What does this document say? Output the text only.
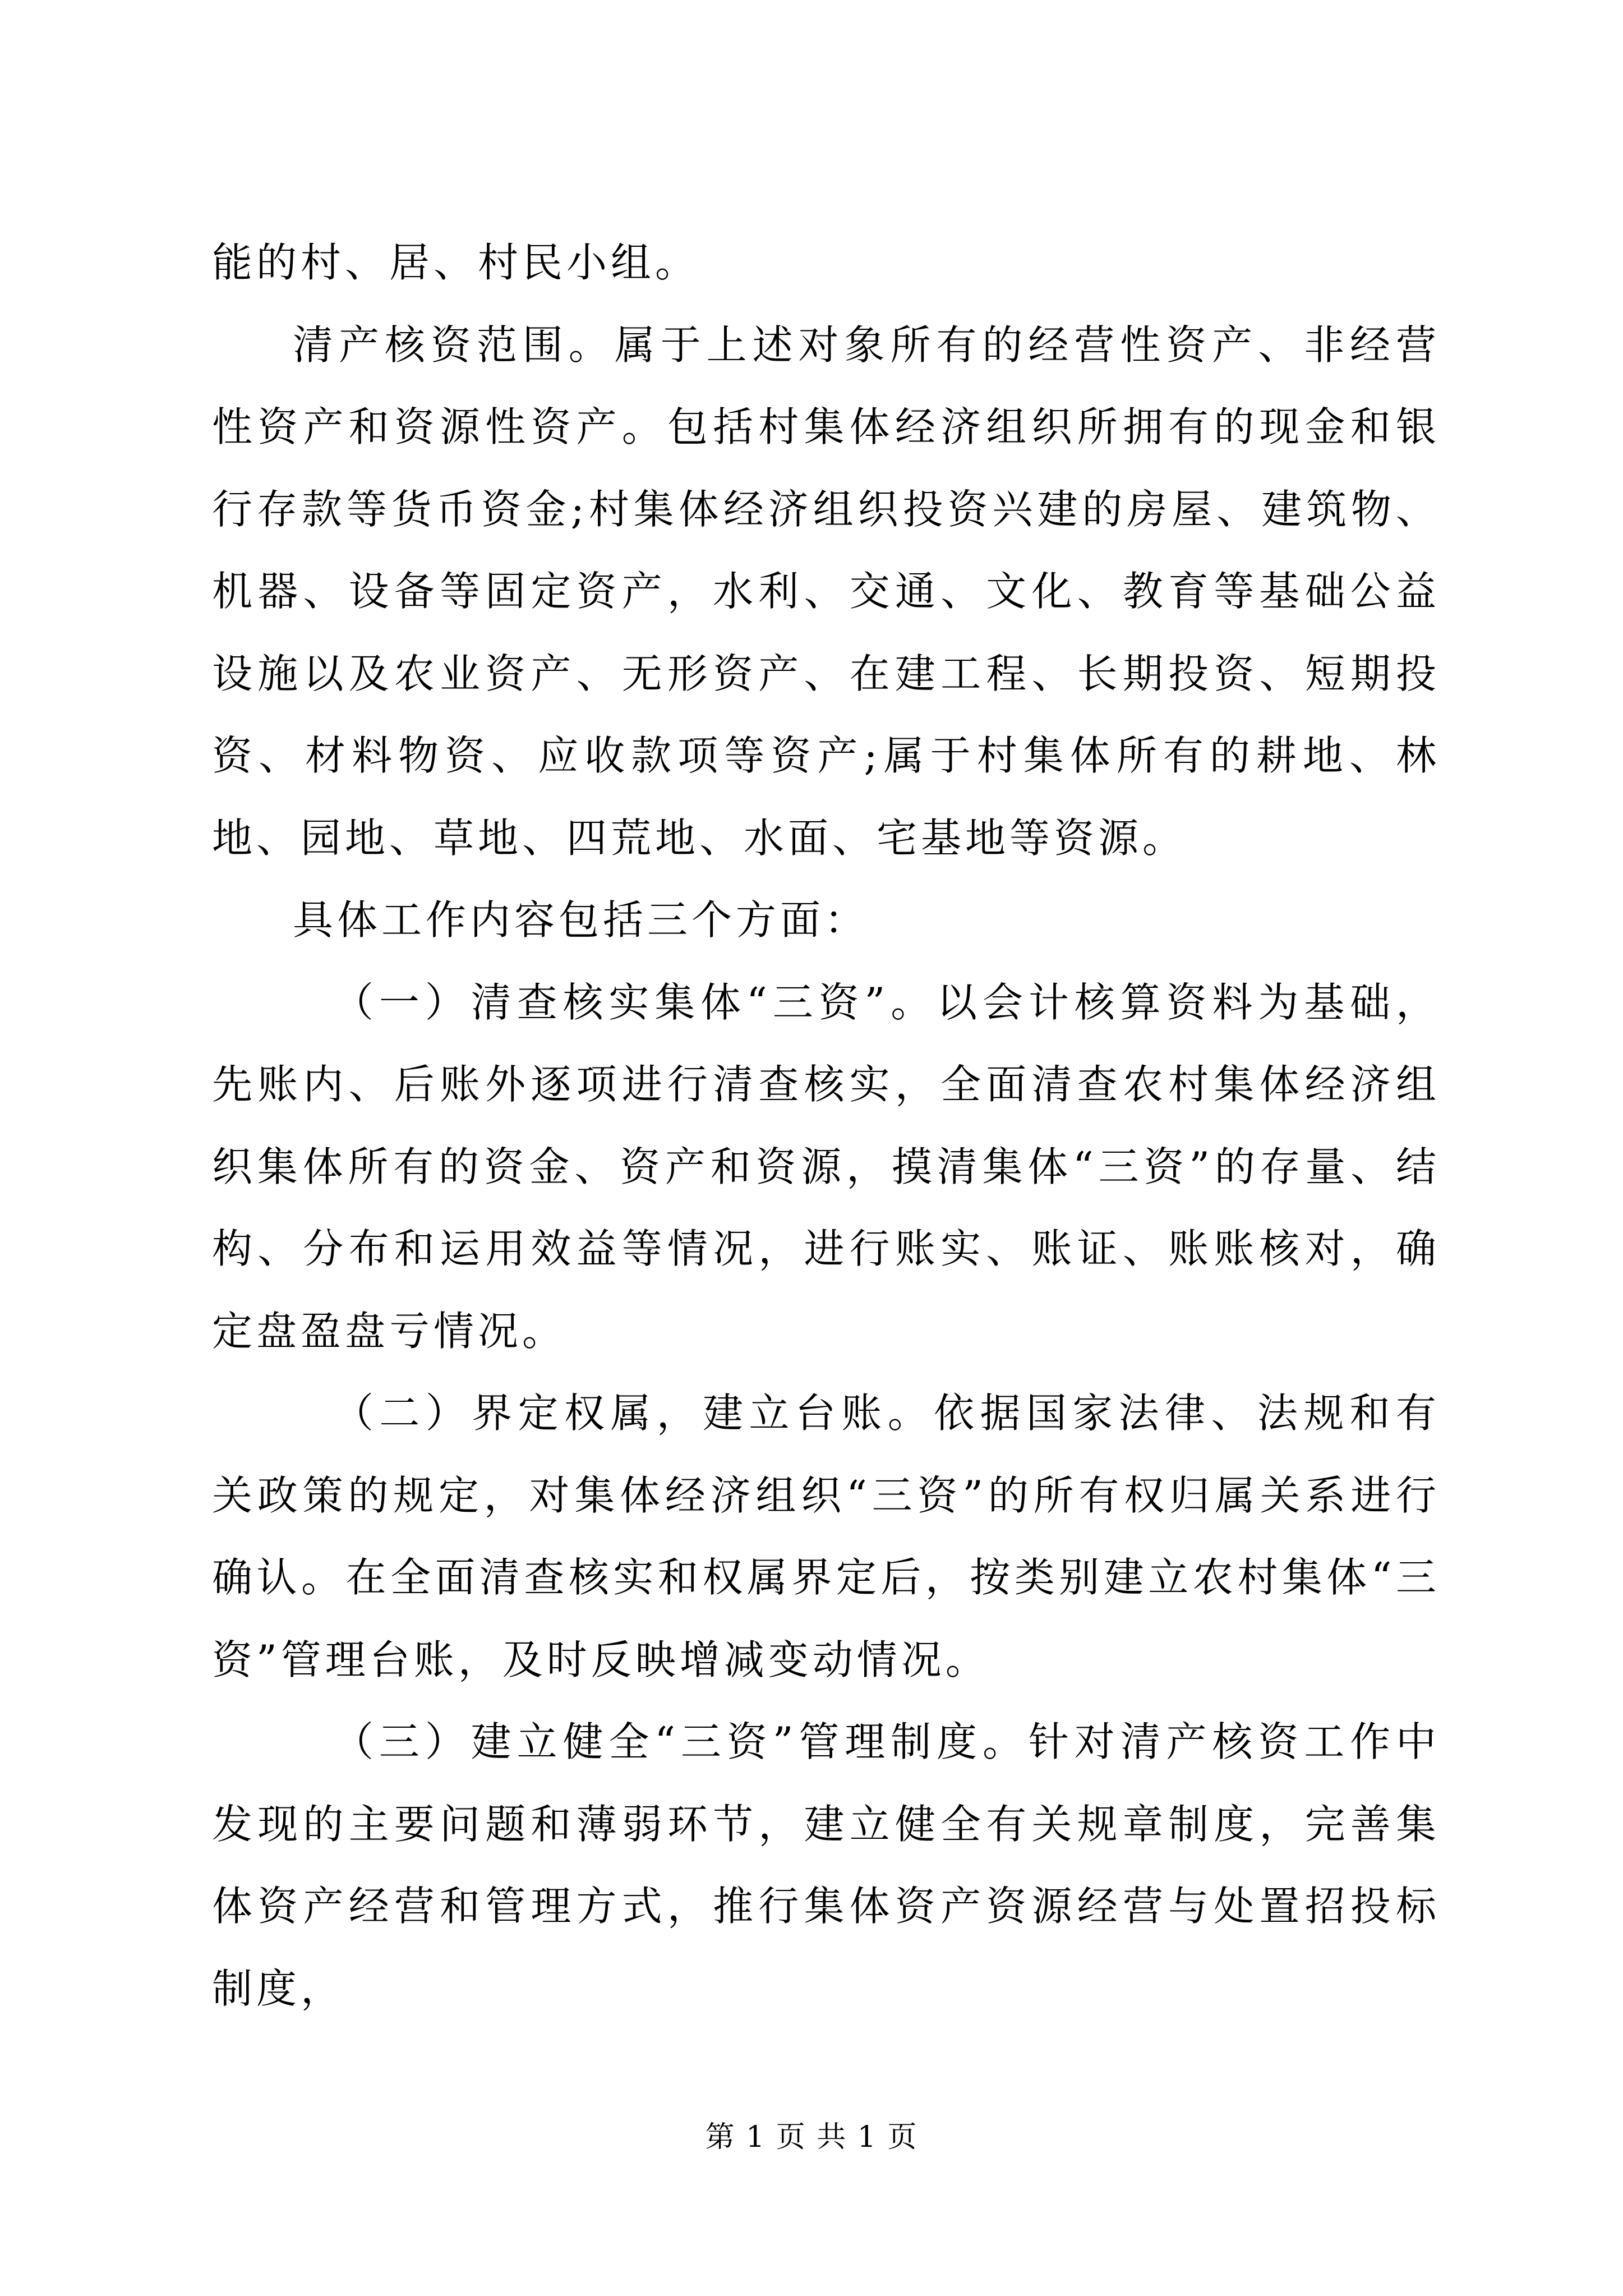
能的村、居、村民小组。

清产核资范围。属于上述对象所有的经营性资产、非经营性资产和资源性资产。包括村集体经济组织所拥有的现金和银行存款等货币资金;村集体经济组织投资兴建的房屋、建筑物、机器、设备等固定资产，水利、交通、文化、教育等基础公益设施以及农业资产、无形资产、在建工程、长期投资、短期投资、材料物资、应收款项等资产;属于村集体所有的耕地、林地、园地、草地、四荒地、水面、宅基地等资源。

具体工作内容包括三个方面：

（一）清查核实集体“三资”。以会计核算资料为基础，先账内、后账外逐项进行清查核实，全面清查农村集体经济组织集体所有的资金、资产和资源，摸清集体“三资”的存量、结构、分布和运用效益等情况，进行账实、账证、账账核对，确定盘盈盘亏情况。

（二）界定权属，建立台账。依据国家法律、法规和有关政策的规定，对集体经济组织“三资”的所有权归属关系进行确认。在全面清查核实和权属界定后，按类别建立农村集体“三资”管理台账，及时反映增减变动情况。

（三）建立健全“三资”管理制度。针对清产核资工作中发现的主要问题和薄弱环节，建立健全有关规章制度，完善集体资产经营和管理方式，推行集体资产资源经营与处置招投标制度，

第 1 页 共 1 页
